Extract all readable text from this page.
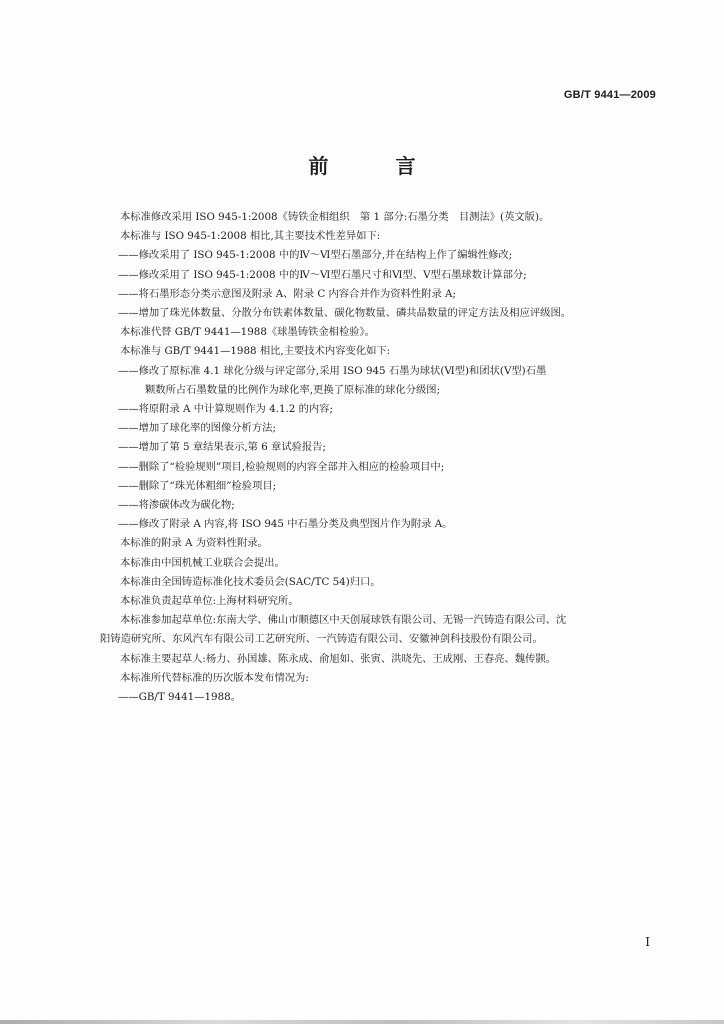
GB/T 9441—2009
前 言
本标准修改采用 ISO 945-1:2008《铸铁金相组织　第 1 部分:石墨分类　目测法》(英文版)。
本标准与 ISO 945-1:2008 相比,其主要技术性差异如下:
——修改采用了 ISO 945-1:2008 中的Ⅳ～Ⅵ型石墨部分,并在结构上作了编辑性修改;
——修改采用了 ISO 945-1:2008 中的Ⅳ～Ⅵ型石墨尺寸和Ⅵ型、Ⅴ型石墨球数计算部分;
——将石墨形态分类示意图及附录 A、附录 C 内容合并作为资料性附录 A;
——增加了珠光体数量、分散分布铁素体数量、碳化物数量、磷共晶数量的评定方法及相应评级图。
本标准代替 GB/T 9441—1988《球墨铸铁金相检验》。
本标准与 GB/T 9441—1988 相比,主要技术内容变化如下:
——修改了原标准 4.1 球化分级与评定部分,采用 ISO 945 石墨为球状(Ⅵ型)和团状(Ⅴ型)石墨
颗数所占石墨数量的比例作为球化率,更换了原标准的球化分级图;
——将原附录 A 中计算规则作为 4.1.2 的内容;
——增加了球化率的图像分析方法;
——增加了第 5 章结果表示,第 6 章试验报告;
——删除了“检验规则”项目,检验规则的内容全部并入相应的检验项目中;
——删除了“珠光体粗细”检验项目;
——将渗碳体改为碳化物;
——修改了附录 A 内容,将 ISO 945 中石墨分类及典型图片作为附录 A。
本标准的附录 A 为资料性附录。
本标准由中国机械工业联合会提出。
本标准由全国铸造标准化技术委员会(SAC/TC 54)归口。
本标准负责起草单位:上海材料研究所。
本标准参加起草单位:东南大学、佛山市顺德区中天创展球铁有限公司、无锡一汽铸造有限公司、沈
阳铸造研究所、东风汽车有限公司工艺研究所、一汽铸造有限公司、安徽神剑科技股份有限公司。
本标准主要起草人:杨力、孙国雄、陈永成、俞旭如、张寅、洪晓先、王成刚、王春亮、魏传颢。
本标准所代替标准的历次版本发布情况为:
——GB/T 9441—1988。
I
